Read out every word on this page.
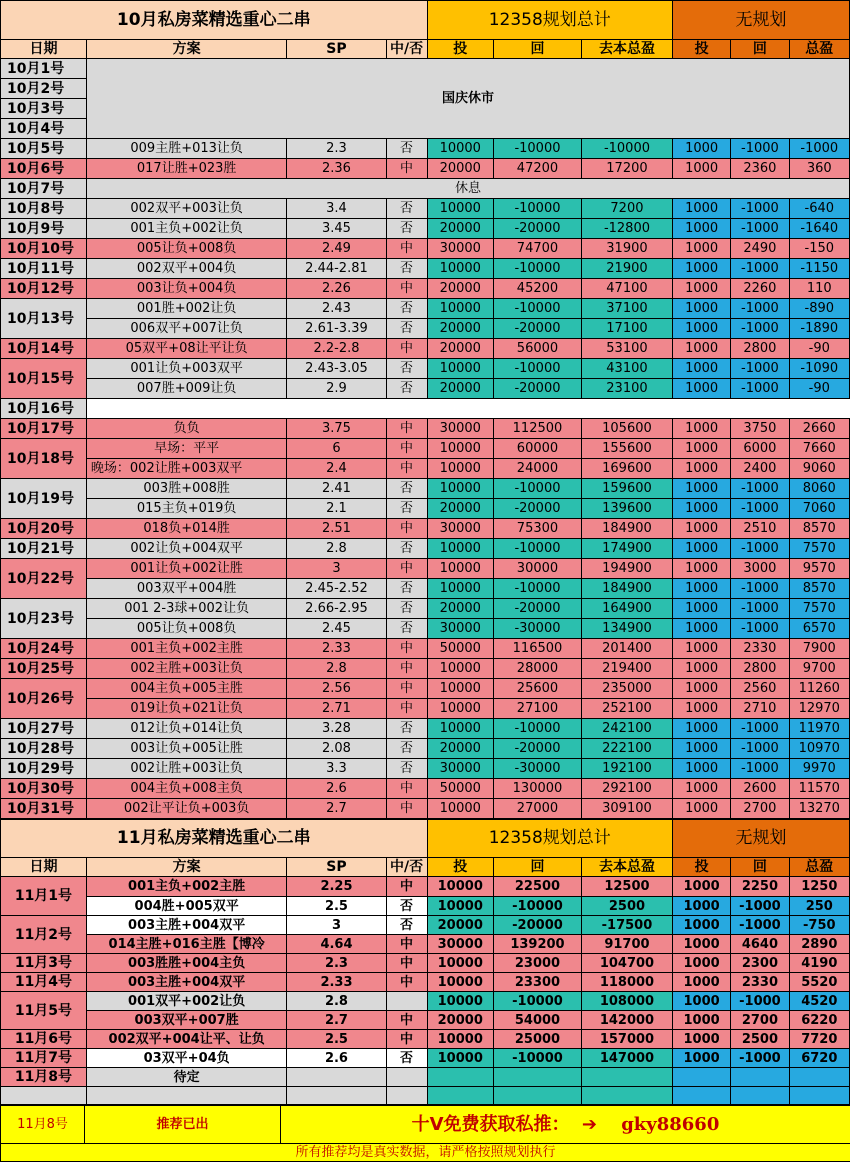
10月私房菜精选重心二串				12358规划总计			无规划		
日期	方案	SP	中/否	投	回	去本总盈	投	回	总盈
10月1号	国庆休市								
10月2号									
10月3号									
10月4号									
10月5号	009主胜+013让负	2.3	否	10000	-10000	-10000	1000	-1000	-1000
10月6号	017让胜+023胜	2.36	中	20000	47200	17200	1000	2360	360
10月7号	休息								
10月8号	002双平+003让负	3.4	否	10000	-10000	7200	1000	-1000	-640
10月9号	001主负+002让负	3.45	否	20000	-20000	-12800	1000	-1000	-1640
10月10号	005让负+008负	2.49	中	30000	74700	31900	1000	2490	-150
10月11号	002双平+004负	2.44-2.81	否	10000	-10000	21900	1000	-1000	-1150
10月12号	003让负+004负	2.26	中	20000	45200	47100	1000	2260	110
10月13号	001胜+002让负	2.43	否	10000	-10000	37100	1000	-1000	-890
	006双平+007让负	2.61-3.39	否	20000	-20000	17100	1000	-1000	-1890
10月14号	05双平+08让平让负	2.2-2.8	中	20000	56000	53100	1000	2800	-90
10月15号	001让负+003双平	2.43-3.05	否	10000	-10000	43100	1000	-1000	-1090
	007胜+009让负	2.9	否	20000	-20000	23100	1000	-1000	-90
10月16号									
10月17号	负负	3.75	中	30000	112500	105600	1000	3750	2660
10月18号	早场：平平	6	中	10000	60000	155600	1000	6000	7660
	晚场：002让胜+003双平	2.4	中	10000	24000	169600	1000	2400	9060
10月19号	003胜+008胜	2.41	否	10000	-10000	159600	1000	-1000	8060
	015主负+019负	2.1	否	20000	-20000	139600	1000	-1000	7060
10月20号	018负+014胜	2.51	中	30000	75300	184900	1000	2510	8570
10月21号	002让负+004双平	2.8	否	10000	-10000	174900	1000	-1000	7570
10月22号	001让负+002让胜	3	中	10000	30000	194900	1000	3000	9570
	003双平+004胜	2.45-2.52	否	10000	-10000	184900	1000	-1000	8570
10月23号	001 2-3球+002让负	2.66-2.95	否	20000	-20000	164900	1000	-1000	7570
	005让负+008负	2.45	否	30000	-30000	134900	1000	-1000	6570
10月24号	001主负+002主胜	2.33	中	50000	116500	201400	1000	2330	7900
10月25号	002主胜+003让负	2.8	中	10000	28000	219400	1000	2800	9700
10月26号	004主负+005主胜	2.56	中	10000	25600	235000	1000	2560	11260
	019让负+021让负	2.71	中	10000	27100	252100	1000	2710	12970
10月27号	012让负+014让负	3.28	否	10000	-10000	242100	1000	-1000	11970
10月28号	003让负+005让胜	2.08	否	20000	-20000	222100	1000	-1000	10970
10月29号	002让胜+003让负	3.3	否	30000	-30000	192100	1000	-1000	9970
10月30号	004主负+008主负	2.6	中	50000	130000	292100	1000	2600	11570
10月31号	002让平让负+003负	2.7	中	10000	27000	309100	1000	2700	13270
11月私房菜精选重心二串				12358规划总计			无规划		
日期	方案	SP	中/否	投	回	去本总盈	投	回	总盈
11月1号	001主负+002主胜	2.25	中	10000	22500	12500	1000	2250	1250
	004胜+005双平	2.5	否	10000	-10000	2500	1000	-1000	250
11月2号	003主胜+004双平	3	否	20000	-20000	-17500	1000	-1000	-750
	014主胜+016主胜【博冷	4.64	中	30000	139200	91700	1000	4640	2890
11月3号	003胜胜+004主负	2.3	中	10000	23000	104700	1000	2300	4190
11月4号	003主胜+004双平	2.33	中	10000	23300	118000	1000	2330	5520
11月5号	001双平+002让负	2.8		10000	-10000	108000	1000	-1000	4520
	003双平+007胜	2.7	中	20000	54000	142000	1000	2700	6220
11月6号	002双平+004让平、让负	2.5	中	10000	25000	157000	1000	2500	7720
11月7号	03双平+04负	2.6	否	10000	-10000	147000	1000	-1000	6720
11月8号	待定								

11月8号	推荐已出	十V免费获取私推： ➔ gky88660
所有推荐均是真实数据，请严格按照规划执行
